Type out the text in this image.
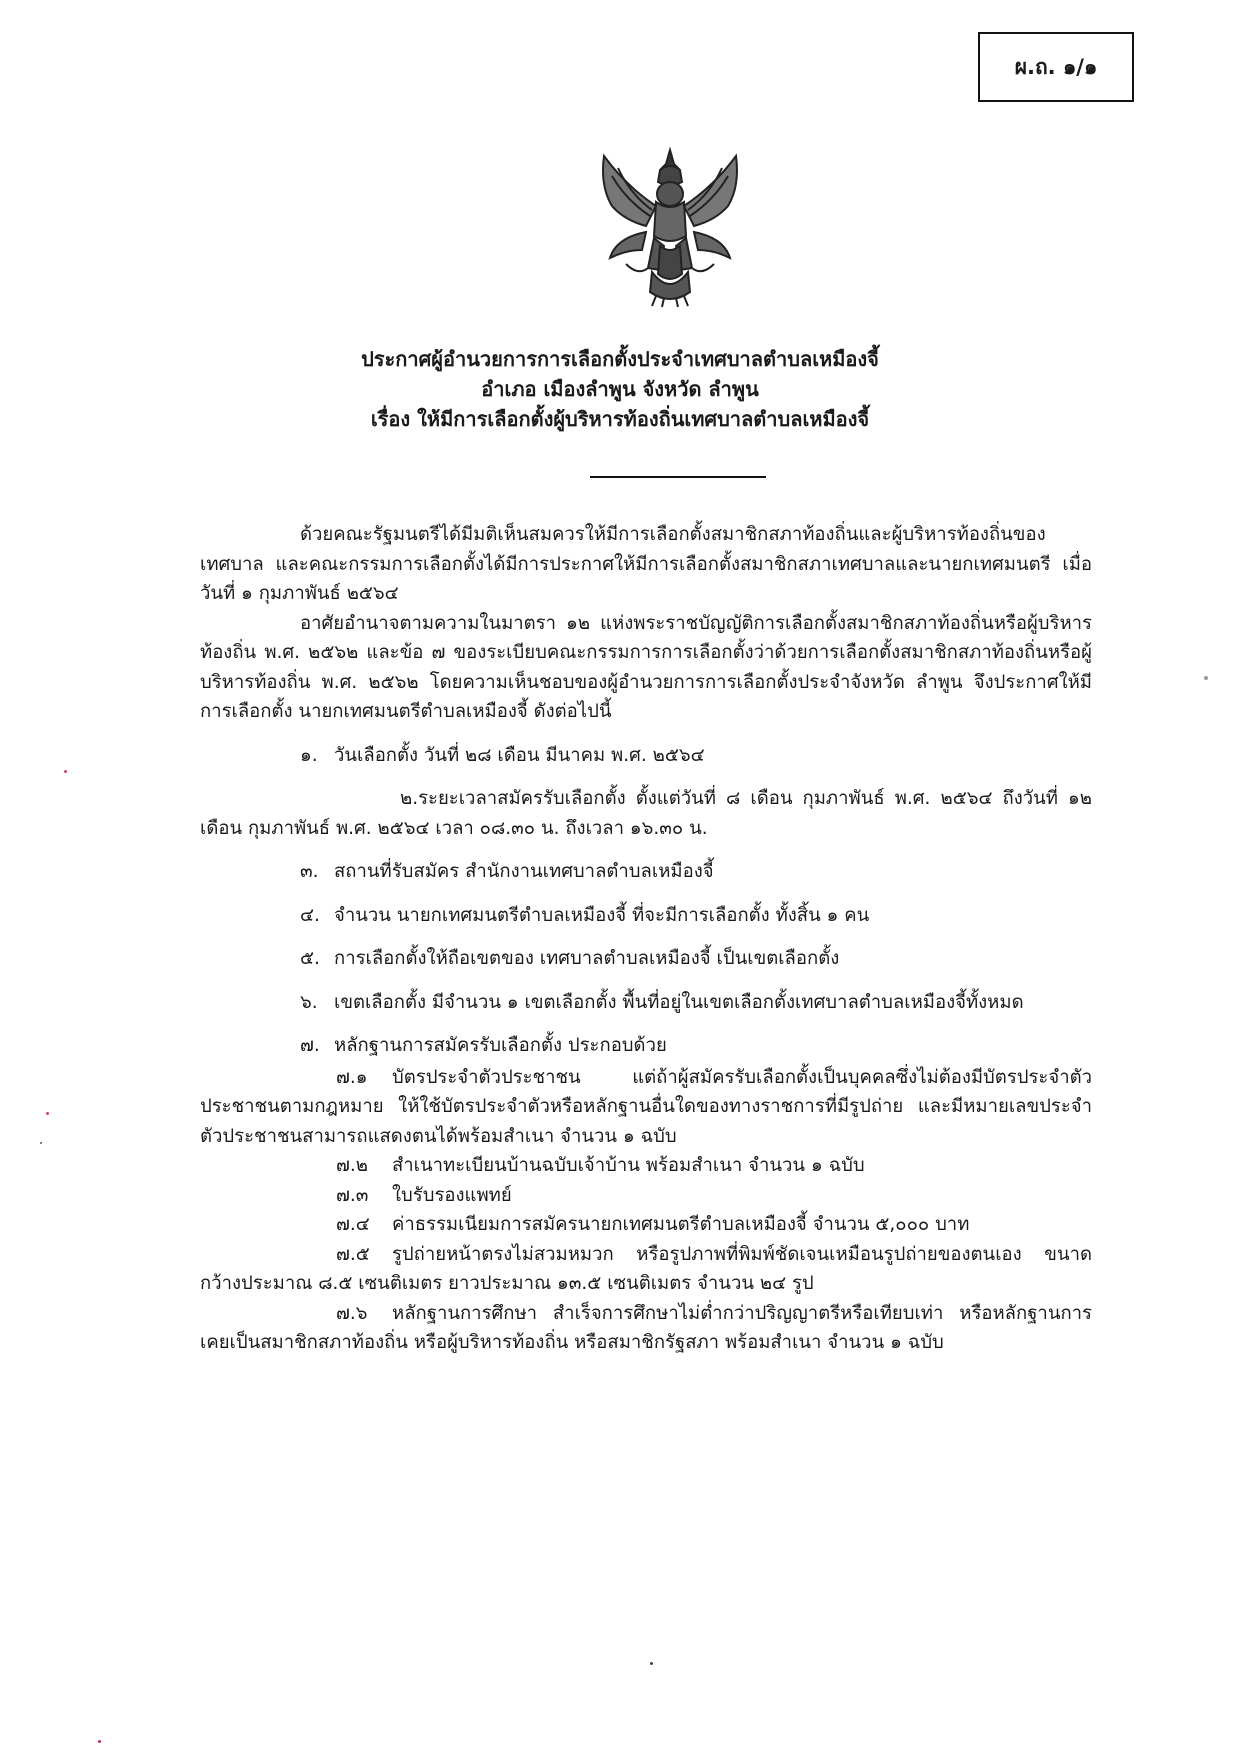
ผ.ถ. ๑/๑
ประกาศผู้อำนวยการการเลือกตั้งประจำเทศบาลตำบลเหมืองจี้
อำเภอ เมืองลำพูน จังหวัด ลำพูน
เรื่อง ให้มีการเลือกตั้งผู้บริหารท้องถิ่นเทศบาลตำบลเหมืองจี้

ด้วยคณะรัฐมนตรีได้มีมติเห็นสมควรให้มีการเลือกตั้งสมาชิกสภาท้องถิ่นและผู้บริหารท้องถิ่นของเทศบาล และคณะกรรมการเลือกตั้งได้มีการประกาศให้มีการเลือกตั้งสมาชิกสภาเทศบาลและนายกเทศมนตรี เมื่อวันที่ ๑ กุมภาพันธ์ ๒๕๖๔

อาศัยอำนาจตามความในมาตรา ๑๒ แห่งพระราชบัญญัติการเลือกตั้งสมาชิกสภาท้องถิ่นหรือผู้บริหารท้องถิ่น พ.ศ. ๒๕๖๒ และข้อ ๗ ของระเบียบคณะกรรมการการเลือกตั้งว่าด้วยการเลือกตั้งสมาชิกสภาท้องถิ่นหรือผู้บริหารท้องถิ่น พ.ศ. ๒๕๖๒ โดยความเห็นชอบของผู้อำนวยการการเลือกตั้งประจำจังหวัด ลำพูน จึงประกาศให้มีการเลือกตั้ง นายกเทศมนตรีตำบลเหมืองจี้ ดังต่อไปนี้

๑. วันเลือกตั้ง วันที่ ๒๘ เดือน มีนาคม พ.ศ. ๒๕๖๔

๒.ระยะเวลาสมัครรับเลือกตั้ง ตั้งแต่วันที่ ๘ เดือน กุมภาพันธ์ พ.ศ. ๒๕๖๔ ถึงวันที่ ๑๒ เดือน กุมภาพันธ์ พ.ศ. ๒๕๖๔ เวลา ๐๘.๓๐ น. ถึงเวลา ๑๖.๓๐ น.

๓. สถานที่รับสมัคร สำนักงานเทศบาลตำบลเหมืองจี้

๔. จำนวน นายกเทศมนตรีตำบลเหมืองจี้ ที่จะมีการเลือกตั้ง ทั้งสิ้น ๑ คน

๕. การเลือกตั้งให้ถือเขตของ เทศบาลตำบลเหมืองจี้ เป็นเขตเลือกตั้ง

๖. เขตเลือกตั้ง มีจำนวน ๑ เขตเลือกตั้ง พื้นที่อยู่ในเขตเลือกตั้งเทศบาลตำบลเหมืองจี้ทั้งหมด

๗. หลักฐานการสมัครรับเลือกตั้ง ประกอบด้วย

๗.๑ บัตรประจำตัวประชาชน แต่ถ้าผู้สมัครรับเลือกตั้งเป็นบุคคลซึ่งไม่ต้องมีบัตรประจำตัวประชาชนตามกฎหมาย ให้ใช้บัตรประจำตัวหรือหลักฐานอื่นใดของทางราชการที่มีรูปถ่าย และมีหมายเลขประจำตัวประชาชนสามารถแสดงตนได้พร้อมสำเนา จำนวน ๑ ฉบับ

๗.๒ สำเนาทะเบียนบ้านฉบับเจ้าบ้าน พร้อมสำเนา จำนวน ๑ ฉบับ

๗.๓ ใบรับรองแพทย์

๗.๔ ค่าธรรมเนียมการสมัครนายกเทศมนตรีตำบลเหมืองจี้ จำนวน ๕,๐๐๐ บาท

๗.๕ รูปถ่ายหน้าตรงไม่สวมหมวก หรือรูปภาพที่พิมพ์ชัดเจนเหมือนรูปถ่ายของตนเอง ขนาดกว้างประมาณ ๘.๕ เซนติเมตร ยาวประมาณ ๑๓.๕ เซนติเมตร จำนวน ๒๔ รูป

๗.๖ หลักฐานการศึกษา สำเร็จการศึกษาไม่ต่ำกว่าปริญญาตรีหรือเทียบเท่า หรือหลักฐานการเคยเป็นสมาชิกสภาท้องถิ่น หรือผู้บริหารท้องถิ่น หรือสมาชิกรัฐสภา พร้อมสำเนา จำนวน ๑ ฉบับ
